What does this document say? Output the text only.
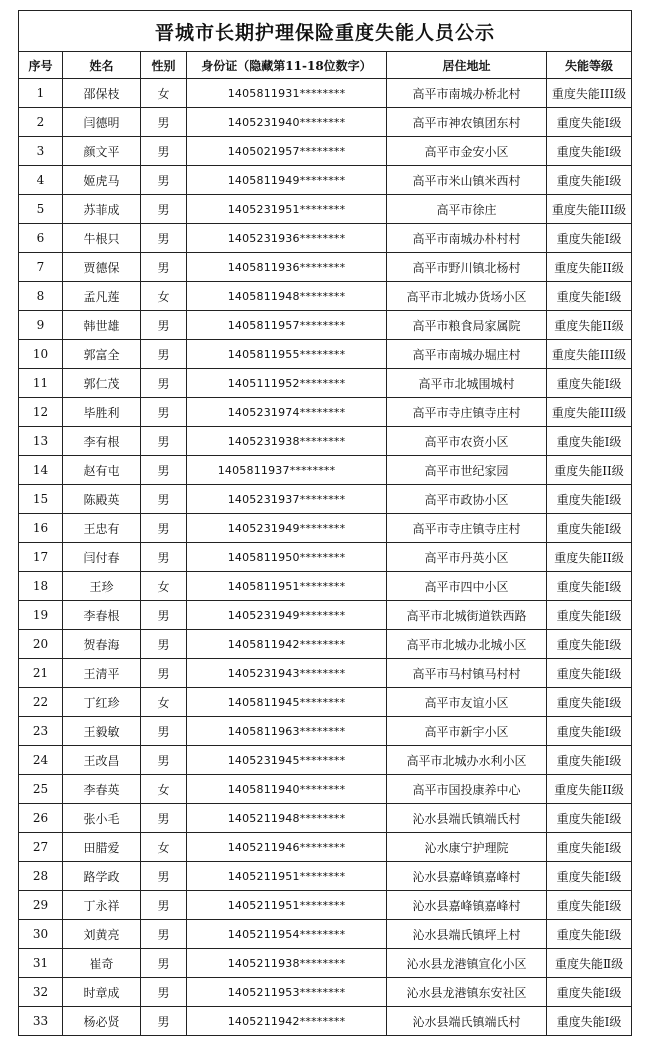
晋城市长期护理保险重度失能人员公示					
序号	姓名	性别	身份证（隐藏第11-18位数字）	居住地址	失能等级
1	邵保枝	女	1405811931********	高平市南城办桥北村	重度失能III级
2	闫德明	男	1405231940********	高平市神农镇团东村	重度失能I级
3	颜文平	男	1405021957********	高平市金安小区	重度失能I级
4	姬虎马	男	1405811949********	高平市米山镇米西村	重度失能I级
5	苏菲成	男	1405231951********	高平市徐庄	重度失能III级
6	牛根只	男	1405231936********	高平市南城办朴村村	重度失能I级
7	贾德保	男	1405811936********	高平市野川镇北杨村	重度失能II级
8	孟凡莲	女	1405811948********	高平市北城办货场小区	重度失能I级
9	韩世雄	男	1405811957********	高平市粮食局家属院	重度失能II级
10	郭富全	男	1405811955********	高平市南城办堀庄村	重度失能III级
11	郭仁茂	男	1405111952********	高平市北城围城村	重度失能I级
12	毕胜利	男	1405231974********	高平市寺庄镇寺庄村	重度失能III级
13	李有根	男	1405231938********	高平市农资小区	重度失能I级
14	赵有屯	男	1405811937********	高平市世纪家园	重度失能II级
15	陈殿英	男	1405231937********	高平市政协小区	重度失能I级
16	王忠有	男	1405231949********	高平市寺庄镇寺庄村	重度失能I级
17	闫付春	男	1405811950********	高平市丹英小区	重度失能II级
18	王珍	女	1405811951********	高平市四中小区	重度失能I级
19	李春根	男	1405231949********	高平市北城街道铁西路	重度失能I级
20	贺春海	男	1405811942********	高平市北城办北城小区	重度失能I级
21	王清平	男	1405231943********	高平市马村镇马村村	重度失能I级
22	丁红珍	女	1405811945********	高平市友谊小区	重度失能I级
23	王毅敏	男	1405811963********	高平市新宇小区	重度失能I级
24	王改昌	男	1405231945********	高平市北城办水利小区	重度失能I级
25	李春英	女	1405811940********	高平市国投康养中心	重度失能II级
26	张小毛	男	1405211948********	沁水县端氏镇端氏村	重度失能I级
27	田腊爱	女	1405211946********	沁水康宁护理院	重度失能I级
28	路学政	男	1405211951********	沁水县嘉峰镇嘉峰村	重度失能I级
29	丁永祥	男	1405211951********	沁水县嘉峰镇嘉峰村	重度失能I级
30	刘黄亮	男	1405211954********	沁水县端氏镇坪上村	重度失能I级
31	崔奇	男	1405211938********	沁水县龙港镇宣化小区	重度失能Ⅱ级
32	时章成	男	1405211953********	沁水县龙港镇东安社区	重度失能I级
33	杨必贤	男	1405211942********	沁水县端氏镇端氏村	重度失能I级
